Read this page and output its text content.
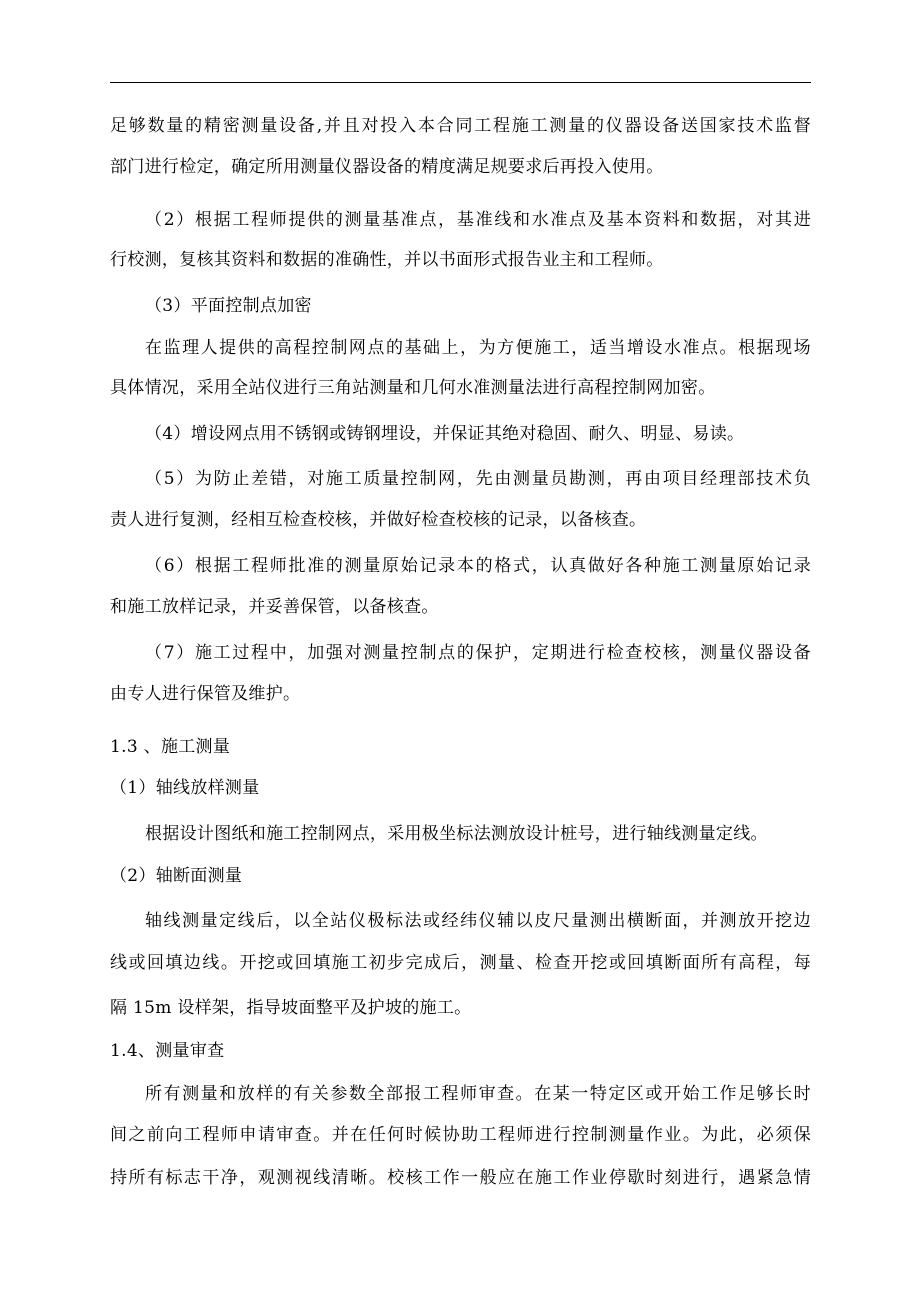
足够数量的精密测量设备,并且对投入本合同工程施工测量的仪器设备送国家技术监督
部门进行检定，确定所用测量仪器设备的精度满足规要求后再投入使用。
（2）根据工程师提供的测量基准点，基准线和水准点及基本资料和数据，对其进
行校测，复核其资料和数据的准确性，并以书面形式报告业主和工程师。
（3）平面控制点加密
在监理人提供的高程控制网点的基础上，为方便施工，适当增设水准点。根据现场
具体情况，采用全站仪进行三角站测量和几何水准测量法进行高程控制网加密。
（4）增设网点用不锈钢或铸钢埋设，并保证其绝对稳固、耐久、明显、易读。
（5）为防止差错，对施工质量控制网，先由测量员勘测，再由项目经理部技术负
责人进行复测，经相互检查校核，并做好检查校核的记录，以备核查。
（6）根据工程师批准的测量原始记录本的格式，认真做好各种施工测量原始记录
和施工放样记录，并妥善保管，以备核查。
（7）施工过程中，加强对测量控制点的保护，定期进行检查校核，测量仪器设备
由专人进行保管及维护。
1.3 、施工测量
（1）轴线放样测量
根据设计图纸和施工控制网点，采用极坐标法测放设计桩号，进行轴线测量定线。
（2）轴断面测量
轴线测量定线后，以全站仪极标法或经纬仪辅以皮尺量测出横断面，并测放开挖边
线或回填边线。开挖或回填施工初步完成后，测量、检查开挖或回填断面所有高程，每
隔 15m 设样架，指导坡面整平及护坡的施工。
1.4、测量审查
所有测量和放样的有关参数全部报工程师审查。在某一特定区或开始工作足够长时
间之前向工程师申请审查。并在任何时候协助工程师进行控制测量作业。为此，必须保
持所有标志干净，观测视线清晰。校核工作一般应在施工作业停歇时刻进行，遇紧急情
